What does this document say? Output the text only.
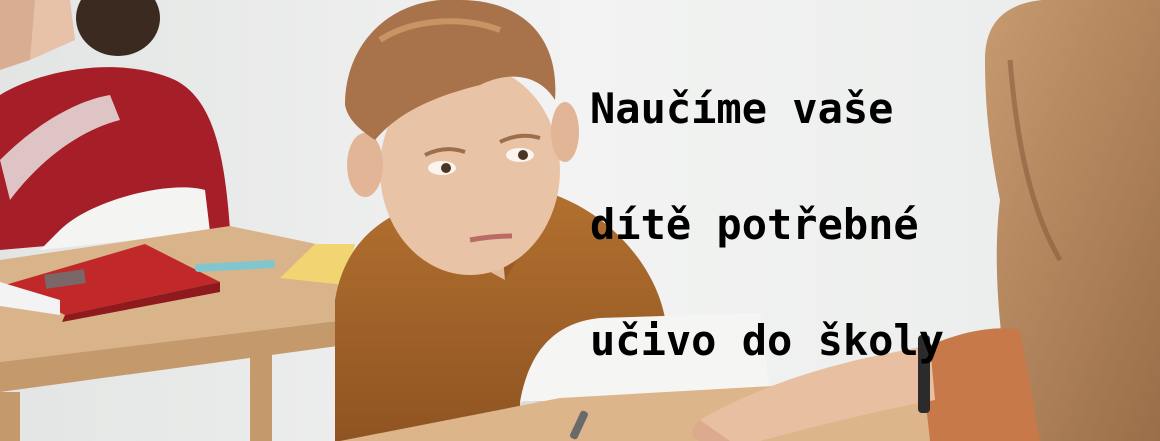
Naučíme vaše

dítě potřebné

učivo do školy
